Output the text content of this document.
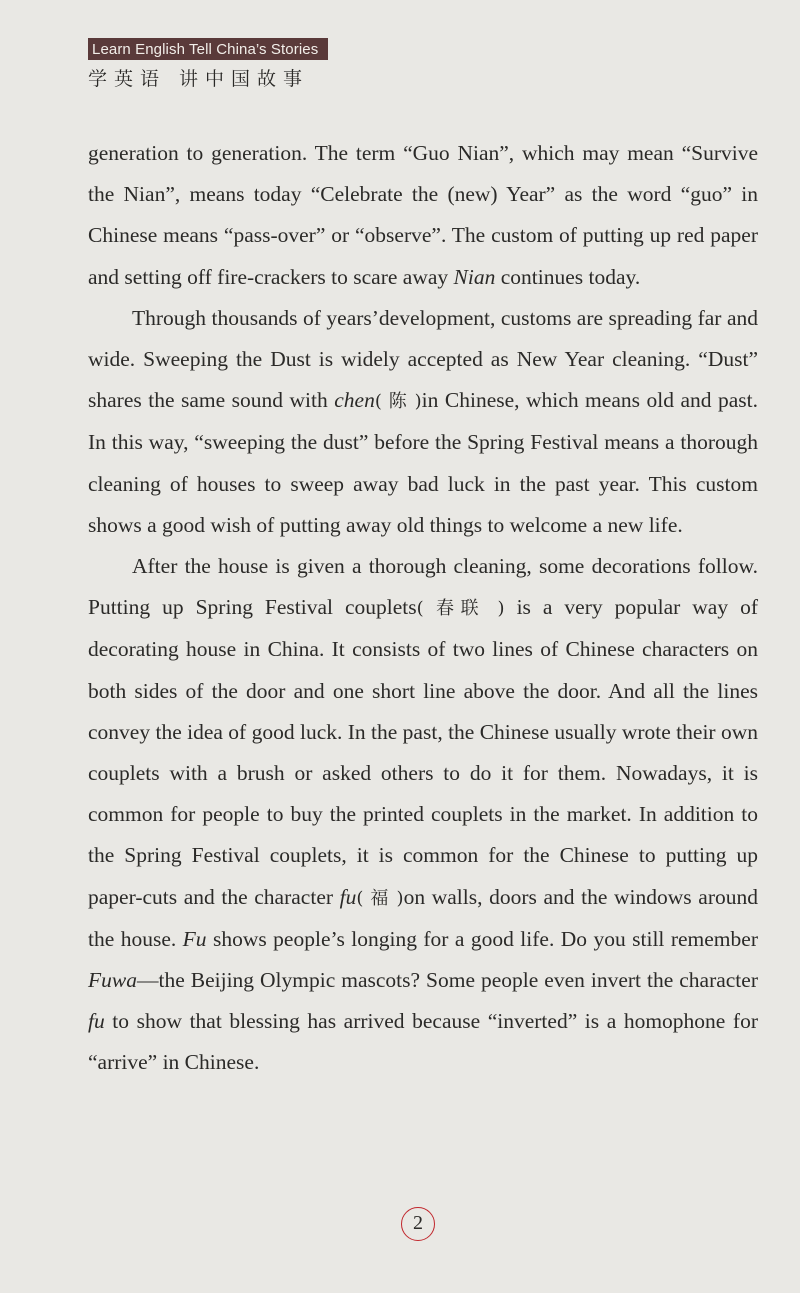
Learn English Tell China’s Stories
学英语 讲中国故事

generation to generation. The term “Guo Nian”, which may mean “Survive the Nian”, means today “Celebrate the (new) Year” as the word “guo” in Chinese means “pass-over” or “observe”. The custom of putting up red paper and setting off fire-crackers to scare away Nian continues today.

Through thousands of years’development, customs are spreading far and wide. Sweeping the Dust is widely accepted as New Year cleaning. “Dust” shares the same sound with chen( 陈 )in Chinese, which means old and past. In this way, “sweeping the dust” before the Spring Festival means a thorough cleaning of houses to sweep away bad luck in the past year. This custom shows a good wish of putting away old things to welcome a new life.

After the house is given a thorough cleaning, some decorations follow. Putting up Spring Festival couplets( 春联 ) is a very popular way of decorating house in China. It consists of two lines of Chinese characters on both sides of the door and one short line above the door. And all the lines convey the idea of good luck. In the past, the Chinese usually wrote their own couplets with a brush or asked others to do it for them. Nowadays, it is common for people to buy the printed couplets in the market. In addition to the Spring Festival couplets, it is common for the Chinese to putting up paper-cuts and the character fu( 福 )on walls, doors and the windows around the house. Fu shows people’s longing for a good life. Do you still remember Fuwa—the Beijing Olympic mascots? Some people even invert the character fu to show that blessing has arrived because “inverted” is a homophone for “arrive” in Chinese.

2
